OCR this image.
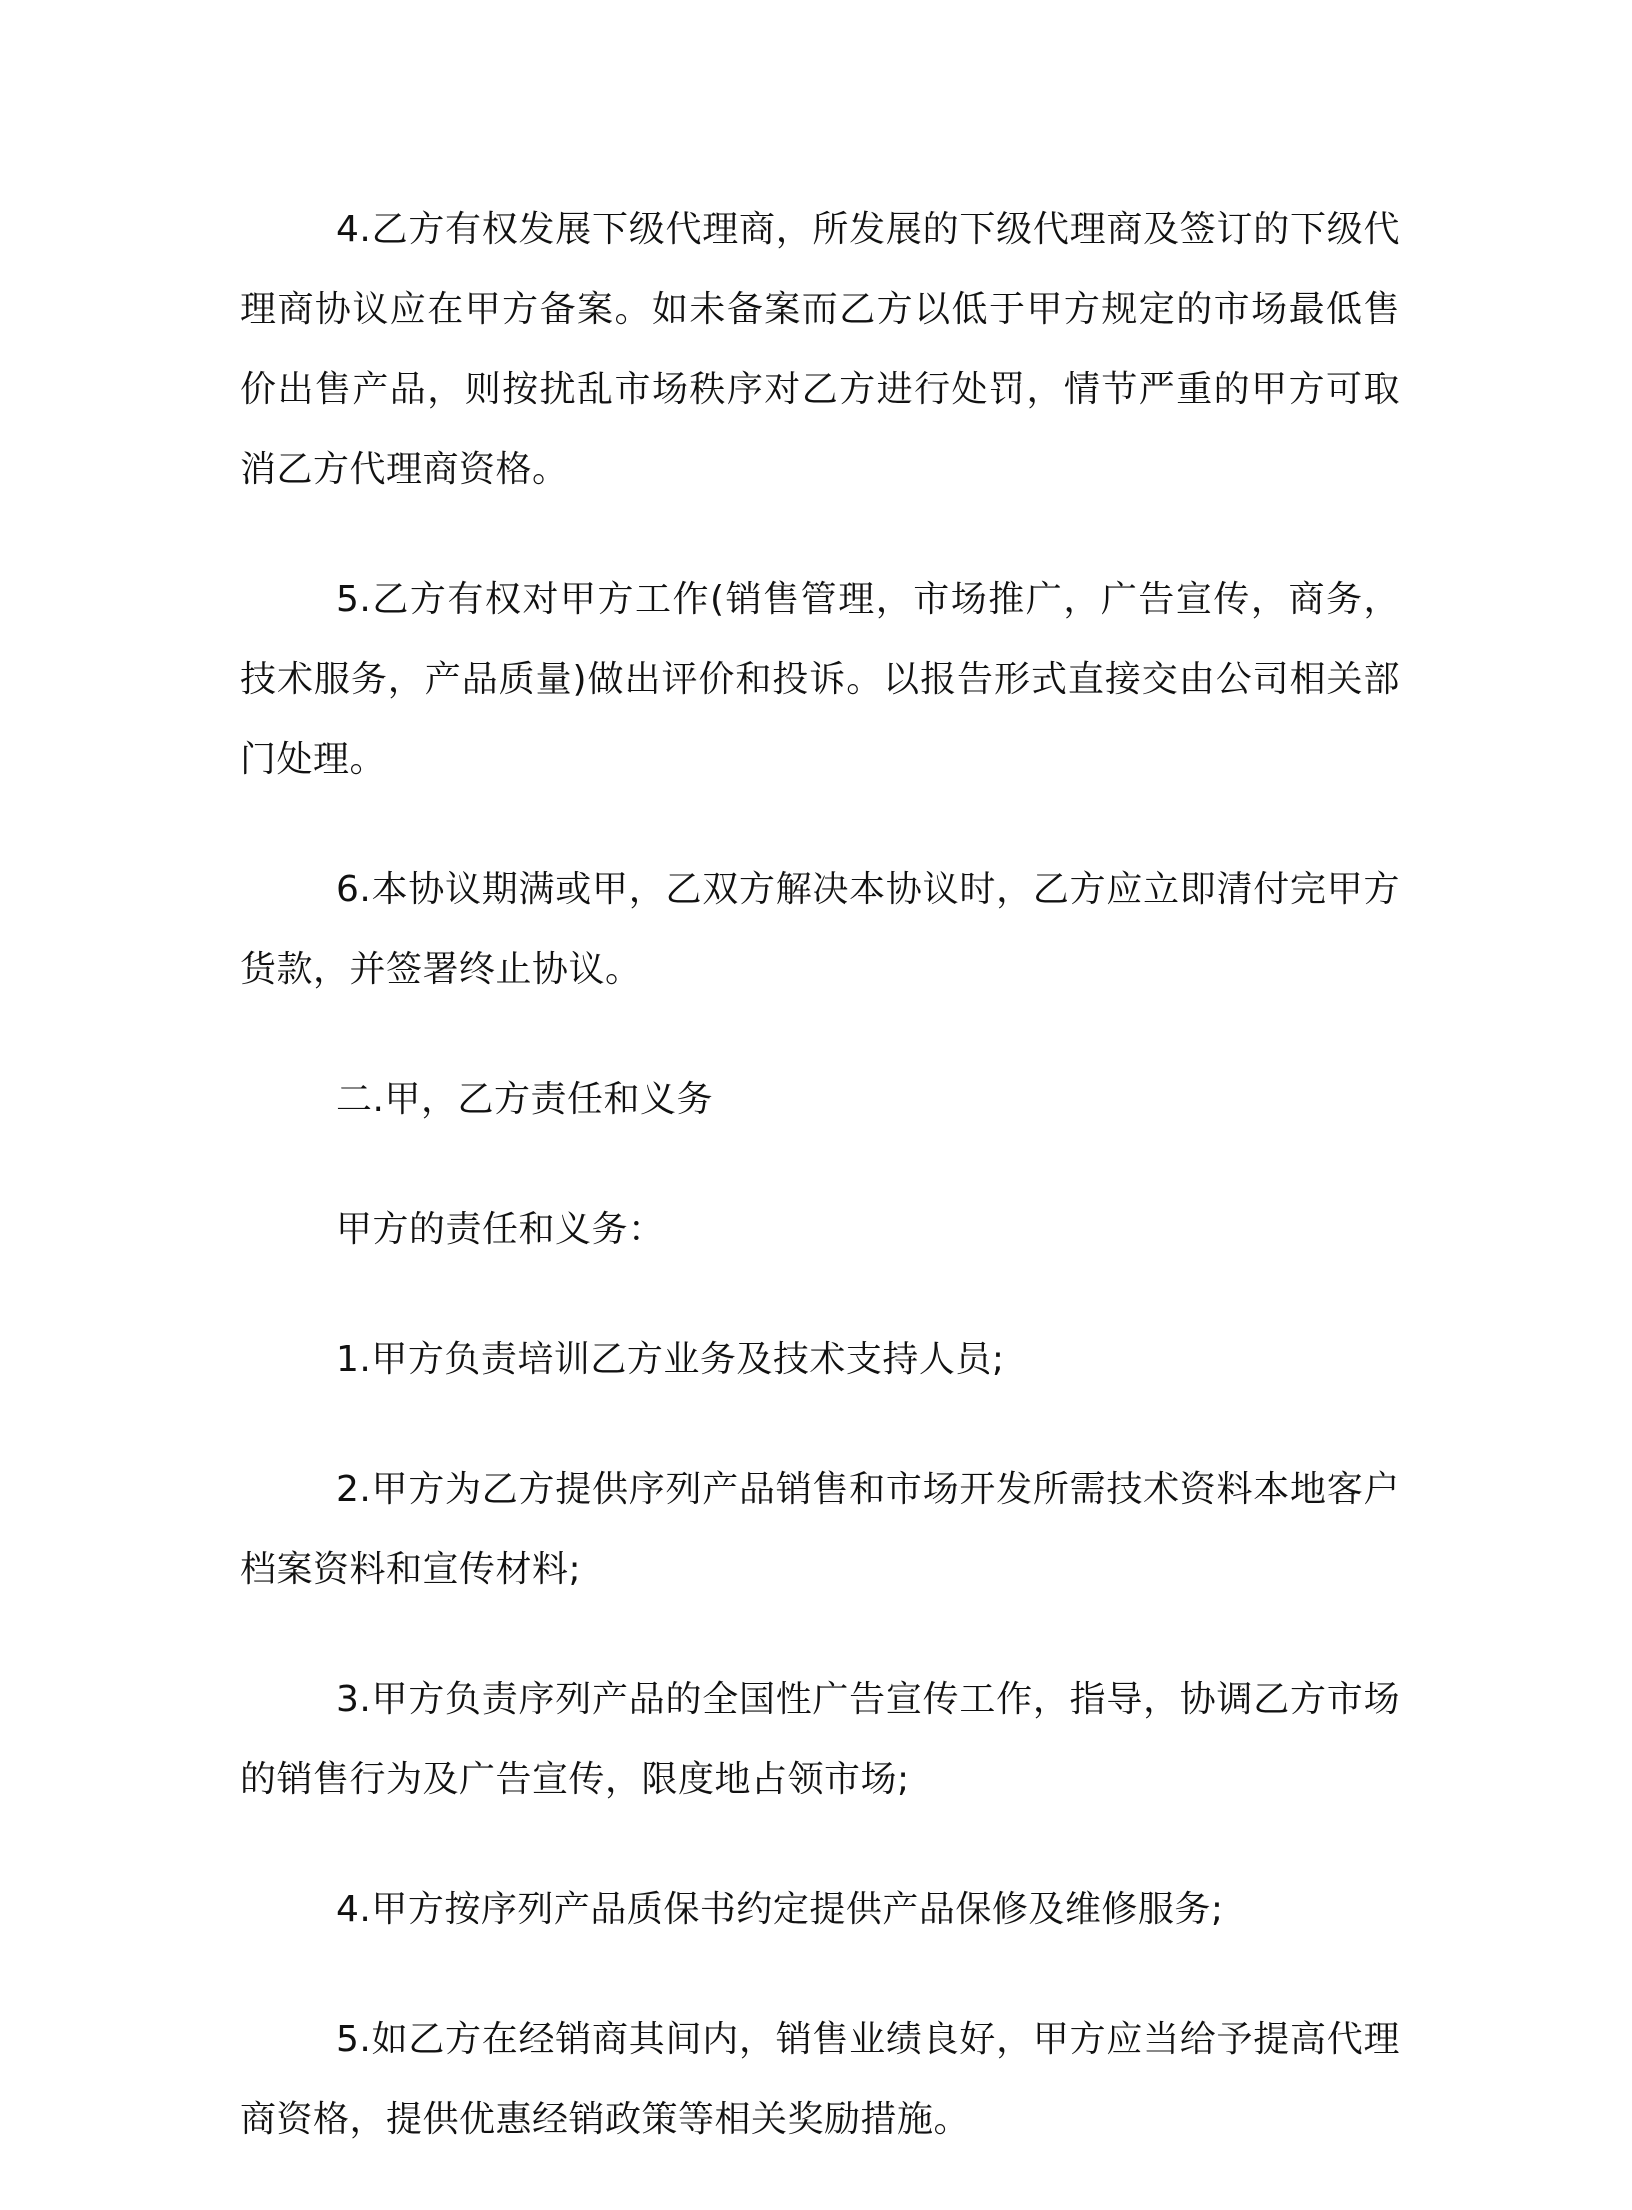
4.乙方有权发展下级代理商，所发展的下级代理商及签订的下级代理商协议应在甲方备案。如未备案而乙方以低于甲方规定的市场最低售价出售产品，则按扰乱市场秩序对乙方进行处罚，情节严重的甲方可取消乙方代理商资格。

5.乙方有权对甲方工作(销售管理，市场推广，广告宣传，商务，技术服务，产品质量)做出评价和投诉。以报告形式直接交由公司相关部门处理。

6.本协议期满或甲，乙双方解决本协议时，乙方应立即清付完甲方货款，并签署终止协议。

二.甲，乙方责任和义务

甲方的责任和义务：

1.甲方负责培训乙方业务及技术支持人员;

2.甲方为乙方提供序列产品销售和市场开发所需技术资料本地客户档案资料和宣传材料;

3.甲方负责序列产品的全国性广告宣传工作，指导，协调乙方市场的销售行为及广告宣传，限度地占领市场;

4.甲方按序列产品质保书约定提供产品保修及维修服务;

5.如乙方在经销商其间内，销售业绩良好，甲方应当给予提高代理商资格，提供优惠经销政策等相关奖励措施。
